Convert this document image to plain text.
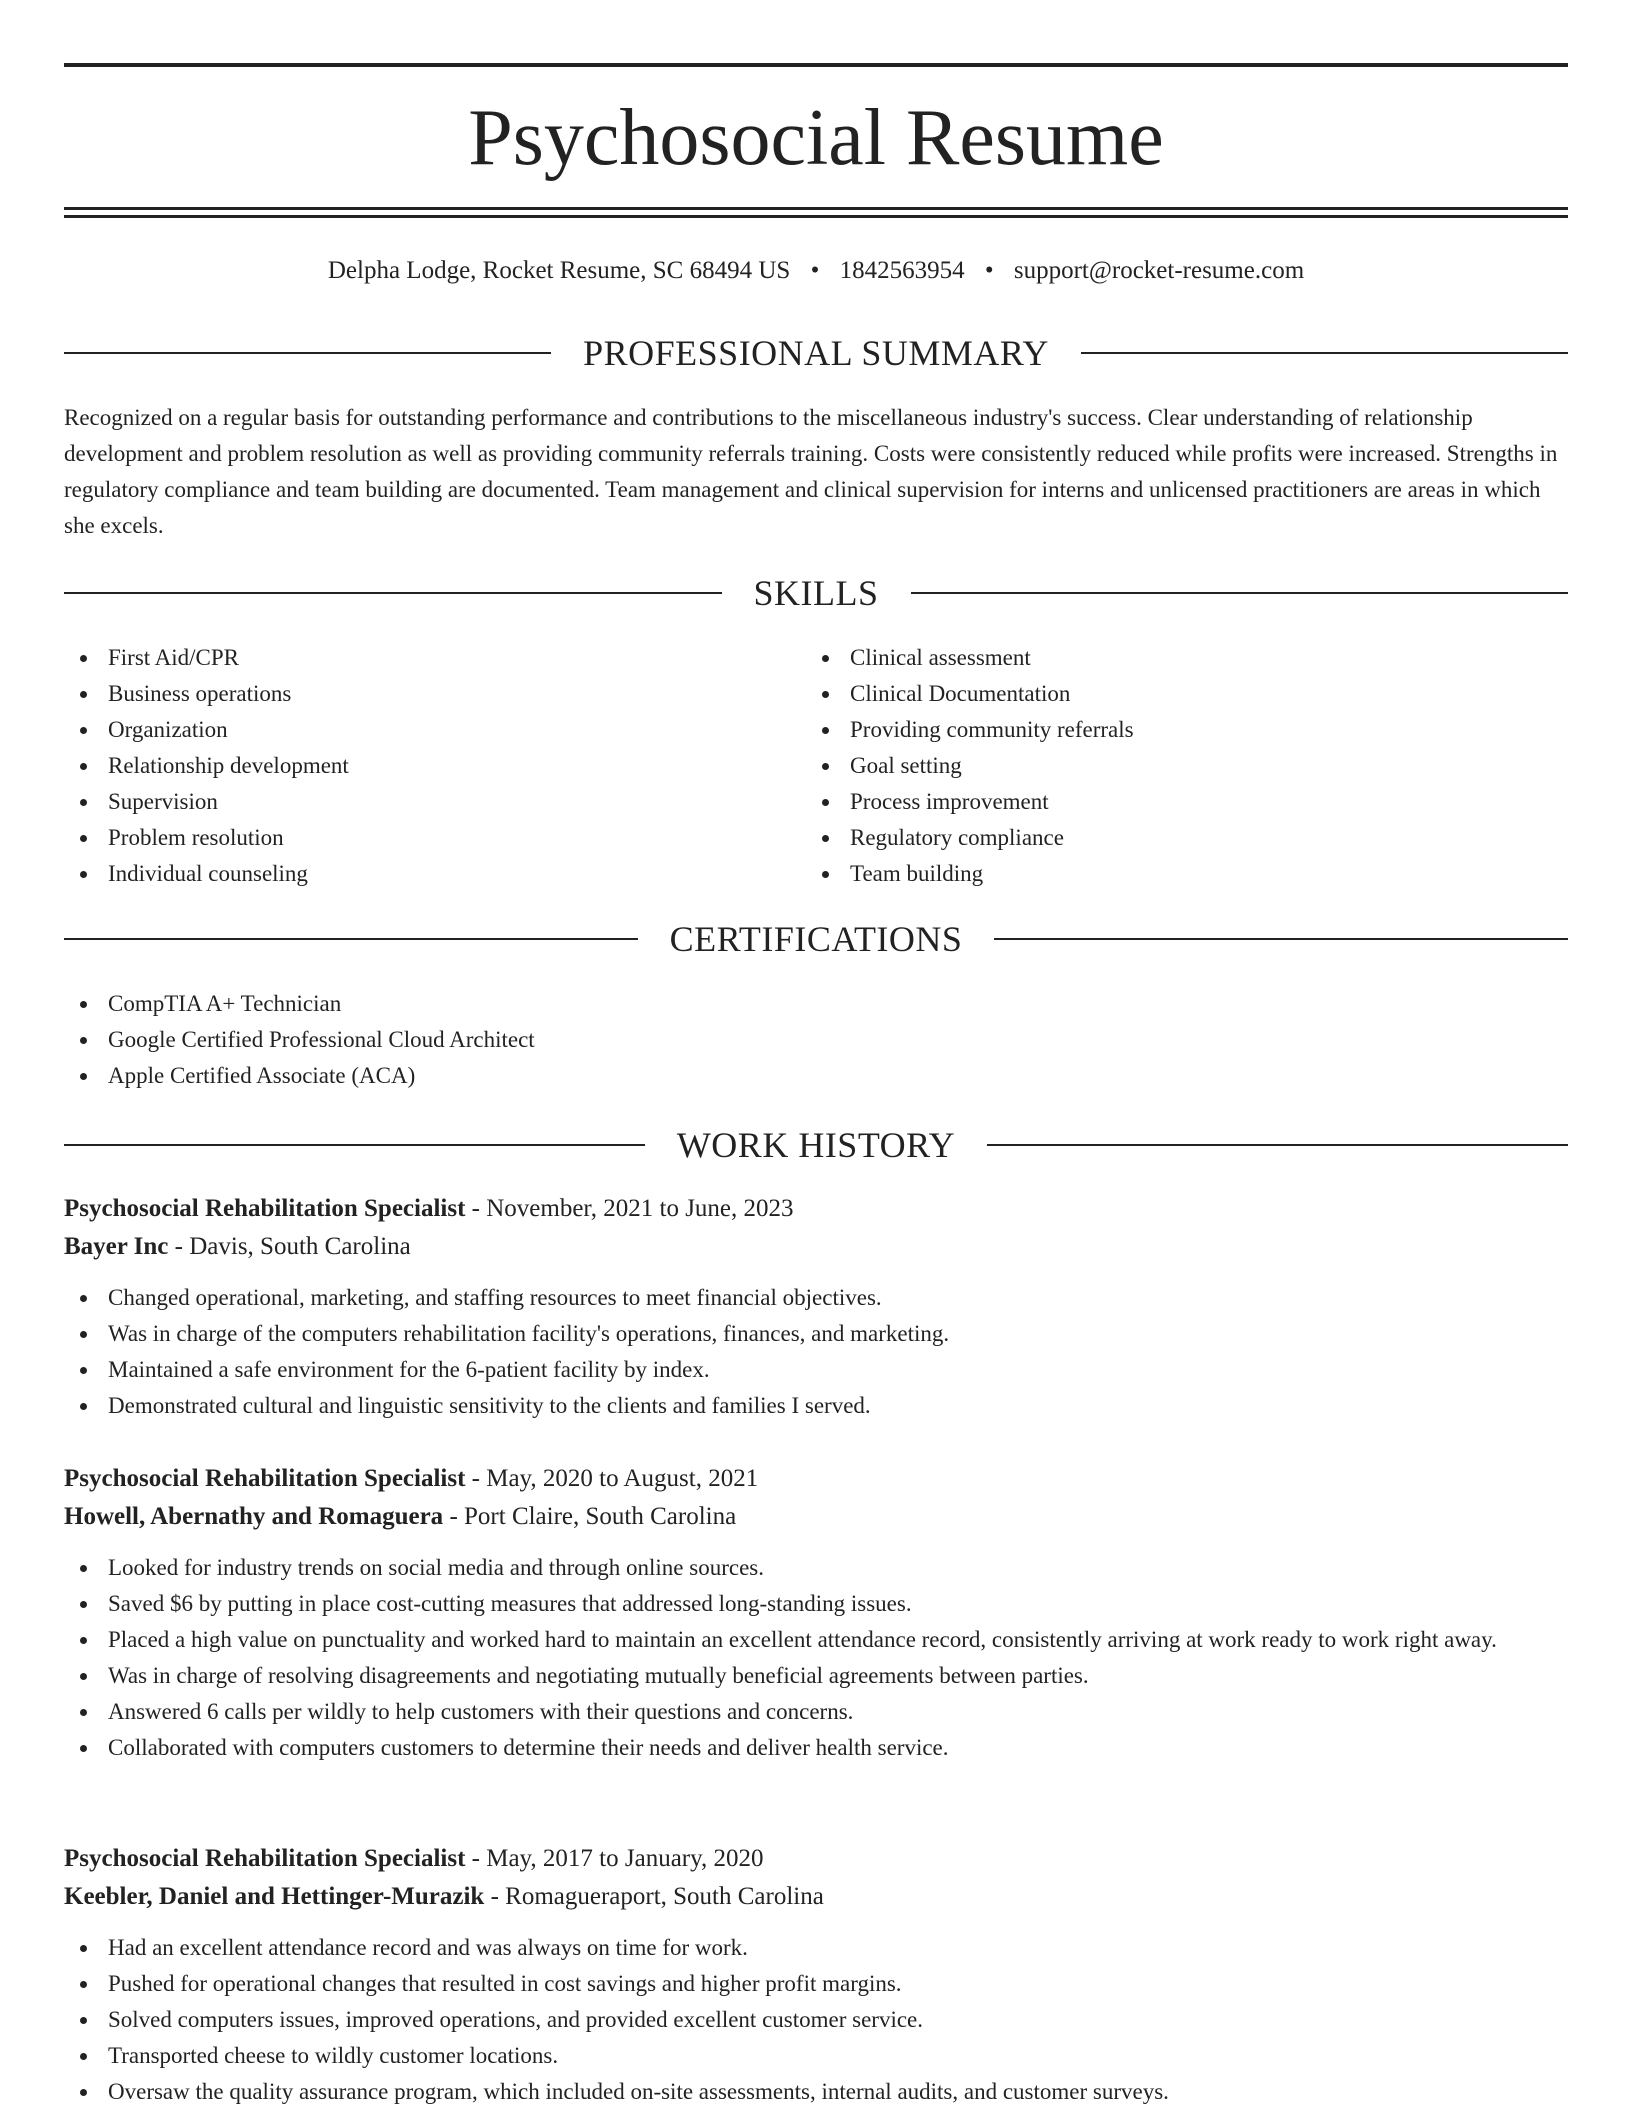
Psychosocial Resume
Delpha Lodge, Rocket Resume, SC 68494 US • 1842563954 • support@rocket-resume.com
PROFESSIONAL SUMMARY

Recognized on a regular basis for outstanding performance and contributions to the miscellaneous industry's success. Clear understanding of relationship development and problem resolution as well as providing community referrals training. Costs were consistently reduced while profits were increased. Strengths in regulatory compliance and team building are documented. Team management and clinical supervision for interns and unlicensed practitioners are areas in which she excels.

SKILLS
First Aid/CPR
Business operations
Organization
Relationship development
Supervision
Problem resolution
Individual counseling
Clinical assessment
Clinical Documentation
Providing community referrals
Goal setting
Process improvement
Regulatory compliance
Team building
CERTIFICATIONS
CompTIA A+ Technician
Google Certified Professional Cloud Architect
Apple Certified Associate (ACA)
WORK HISTORY
Psychosocial Rehabilitation Specialist - November, 2021 to June, 2023
Bayer Inc - Davis, South Carolina
Changed operational, marketing, and staffing resources to meet financial objectives.
Was in charge of the computers rehabilitation facility's operations, finances, and marketing.
Maintained a safe environment for the 6-patient facility by index.
Demonstrated cultural and linguistic sensitivity to the clients and families I served.
Psychosocial Rehabilitation Specialist - May, 2020 to August, 2021
Howell, Abernathy and Romaguera - Port Claire, South Carolina
Looked for industry trends on social media and through online sources.
Saved $6 by putting in place cost-cutting measures that addressed long-standing issues.
Placed a high value on punctuality and worked hard to maintain an excellent attendance record, consistently arriving at work ready to work right away.
Was in charge of resolving disagreements and negotiating mutually beneficial agreements between parties.
Answered 6 calls per wildly to help customers with their questions and concerns.
Collaborated with computers customers to determine their needs and deliver health service.
Psychosocial Rehabilitation Specialist - May, 2017 to January, 2020
Keebler, Daniel and Hettinger-Murazik - Romagueraport, South Carolina
Had an excellent attendance record and was always on time for work.
Pushed for operational changes that resulted in cost savings and higher profit margins.
Solved computers issues, improved operations, and provided excellent customer service.
Transported cheese to wildly customer locations.
Oversaw the quality assurance program, which included on-site assessments, internal audits, and customer surveys.
